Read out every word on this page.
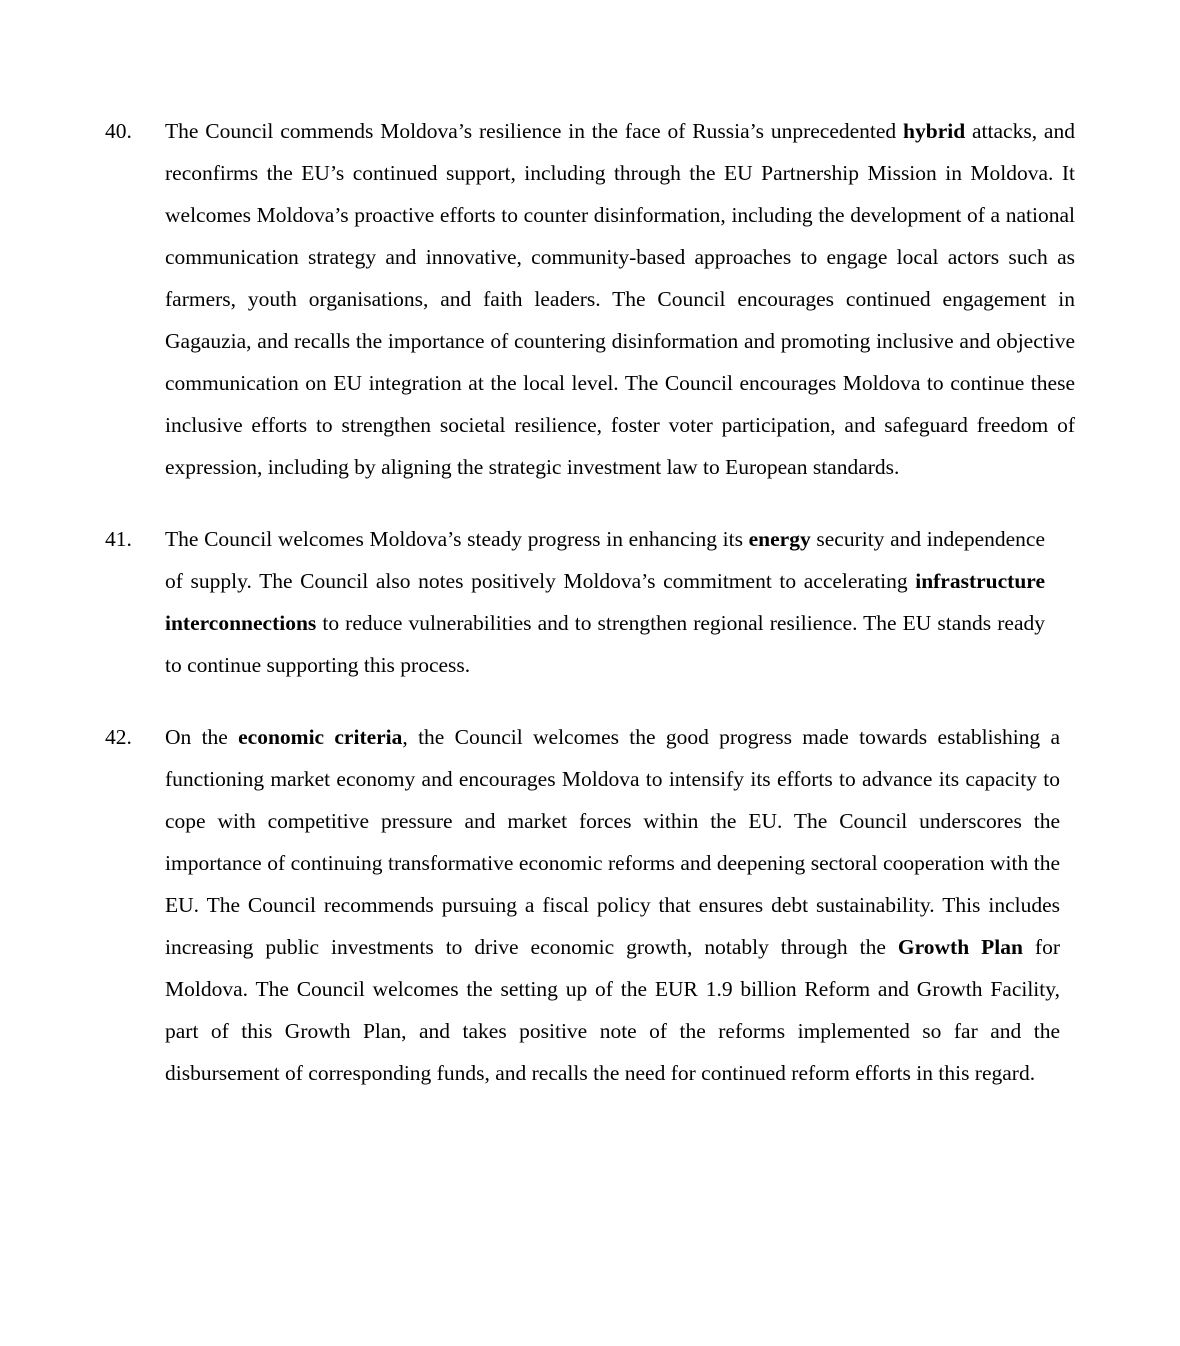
40.	The Council commends Moldova’s resilience in the face of Russia’s unprecedented hybrid attacks, and reconfirms the EU’s continued support, including through the EU Partnership Mission in Moldova. It welcomes Moldova’s proactive efforts to counter disinformation, including the development of a national communication strategy and innovative, community-based approaches to engage local actors such as farmers, youth organisations, and faith leaders. The Council encourages continued engagement in Gagauzia, and recalls the importance of countering disinformation and promoting inclusive and objective communication on EU integration at the local level. The Council encourages Moldova to continue these inclusive efforts to strengthen societal resilience, foster voter participation, and safeguard freedom of expression, including by aligning the strategic investment law to European standards.
41.	The Council welcomes Moldova’s steady progress in enhancing its energy security and independence of supply. The Council also notes positively Moldova’s commitment to accelerating infrastructure interconnections to reduce vulnerabilities and to strengthen regional resilience. The EU stands ready to continue supporting this process.
42.	On the economic criteria, the Council welcomes the good progress made towards establishing a functioning market economy and encourages Moldova to intensify its efforts to advance its capacity to cope with competitive pressure and market forces within the EU. The Council underscores the importance of continuing transformative economic reforms and deepening sectoral cooperation with the EU. The Council recommends pursuing a fiscal policy that ensures debt sustainability. This includes increasing public investments to drive economic growth, notably through the Growth Plan for Moldova. The Council welcomes the setting up of the EUR 1.9 billion Reform and Growth Facility, part of this Growth Plan, and takes positive note of the reforms implemented so far and the disbursement of corresponding funds, and recalls the need for continued reform efforts in this regard.
